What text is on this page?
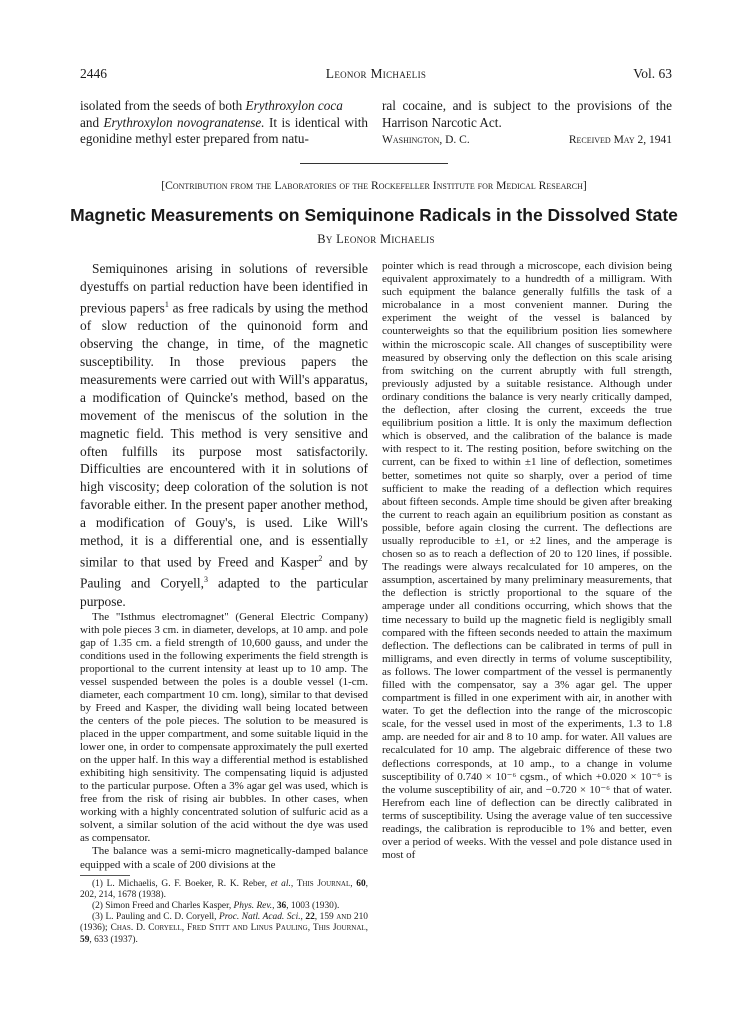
2446	Leonor Michaelis	Vol. 63
isolated from the seeds of both Erythroxylon coca
and Erythroxylon novogranatense. It is identical with egonidine methyl ester prepared from natu-

ral cocaine, and is subject to the provisions of the Harrison Narcotic Act.

Washington, D. C.	Received May 2, 1941
[Contribution from the Laboratories of the Rockefeller Institute for Medical Research]
Magnetic Measurements on Semiquinone Radicals in the Dissolved State
By Leonor Michaelis

Semiquinones arising in solutions of reversible dyestuffs on partial reduction have been identified in previous papers$^1$ as free radicals by using the method of slow reduction of the quinonoid form and observing the change, in time, of the magnetic susceptibility. In those previous papers the measurements were carried out with Will's apparatus, a modification of Quincke's method, based on the movement of the meniscus of the solution in the magnetic field. This method is very sensitive and often fulfills its purpose most satisfactorily. Difficulties are encountered with it in solutions of high viscosity; deep coloration of the solution is not favorable either. In the present paper another method, a modification of Gouy's, is used. Like Will's method, it is a differential one, and is essentially similar to that used by Freed and Kasper$^2$ and by Pauling and Coryell,$^3$ adapted to the particular purpose.

The "Isthmus electromagnet" (General Electric Company) with pole pieces 3 cm. in diameter, develops, at 10 amp. and pole gap of 1.35 cm. a field strength of 10,600 gauss, and under the conditions used in the following experiments the field strength is proportional to the current intensity at least up to 10 amp. The vessel suspended between the poles is a double vessel (1-cm. diameter, each compartment 10 cm. long), similar to that devised by Freed and Kasper, the dividing wall being located between the centers of the pole pieces. The solution to be measured is placed in the upper compartment, and some suitable liquid in the lower one, in order to compensate approximately the pull exerted on the upper half. In this way a differential method is established exhibiting high sensitivity. The compensating liquid is adjusted to the particular purpose. Often a 3% agar gel was used, which is free from the risk of rising air bubbles. In other cases, when working with a highly concentrated solution of sulfuric acid as a solvent, a similar solution of the acid without the dye was used as compensator.

The balance was a semi-micro magnetically-damped balance equipped with a scale of 200 divisions at the

(1) L. Michaelis, G. F. Boeker, R. K. Reber, et al., This Journal, 60, 202, 214, 1678 (1938).
(2) Simon Freed and Charles Kasper, Phys. Rev., 36, 1003 (1930).
(3) L. Pauling and C. D. Coryell, Proc. Natl. Acad. Sci., 22, 159 and 210 (1936); Chas. D. Coryell, Fred Stitt and Linus Pauling, This Journal, 59, 633 (1937).

pointer which is read through a microscope, each division being equivalent approximately to a hundredth of a milligram. With such equipment the balance generally fulfills the task of a microbalance in a most convenient manner. During the experiment the weight of the vessel is balanced by counterweights so that the equilibrium position lies somewhere within the microscopic scale. All changes of susceptibility were measured by observing only the deflection on this scale arising from switching on the current abruptly with full strength, previously adjusted by a suitable resistance. Although under ordinary conditions the balance is very nearly critically damped, the deflection, after closing the current, exceeds the true equilibrium position a little. It is only the maximum deflection which is observed, and the calibration of the balance is made with respect to it. The resting position, before switching on the current, can be fixed to within ±1 line of deflection, sometimes better, sometimes not quite so sharply, over a period of time sufficient to make the reading of a deflection which requires about fifteen seconds. Ample time should be given after breaking the current to reach again an equilibrium position as constant as possible, before again closing the current. The deflections are usually reproducible to ±1, or ±2 lines, and the amperage is chosen so as to reach a deflection of 20 to 120 lines, if possible. The readings were always recalculated for 10 amperes, on the assumption, ascertained by many preliminary measurements, that the deflection is strictly proportional to the square of the amperage under all conditions occurring, which shows that the time necessary to build up the magnetic field is negligibly small compared with the fifteen seconds needed to attain the maximum deflection. The deflections can be calibrated in terms of pull in milligrams, and even directly in terms of volume susceptibility, as follows. The lower compartment of the vessel is permanently filled with the compensator, say a 3% agar gel. The upper compartment is filled in one experiment with air, in another with water. To get the deflection into the range of the microscopic scale, for the vessel used in most of the experiments, 1.3 to 1.8 amp. are needed for air and 8 to 10 amp. for water. All values are recalculated for 10 amp. The algebraic difference of these two deflections corresponds, at 10 amp., to a change in volume susceptibility of 0.740 × 10⁻⁶ cgsm., of which +0.020 × 10⁻⁶ is the volume susceptibility of air, and −0.720 × 10⁻⁶ that of water. Herefrom each line of deflection can be directly calibrated in terms of susceptibility. Using the average value of ten successive readings, the calibration is reproducible to 1% and better, even over a period of weeks. With the vessel and pole distance used in most of
